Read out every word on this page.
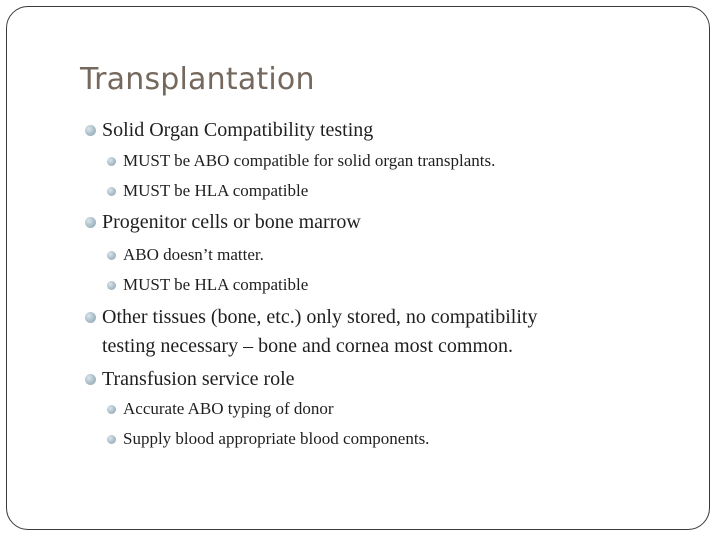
Transplantation
Solid Organ Compatibility testing
MUST be ABO compatible for solid organ transplants.
MUST be HLA compatible
Progenitor cells or bone marrow
ABO doesn’t matter.
MUST be HLA compatible
Other tissues (bone, etc.) only stored, no compatibility
testing necessary – bone and cornea most common.
Transfusion service role
Accurate ABO typing of donor
Supply blood appropriate blood components.
